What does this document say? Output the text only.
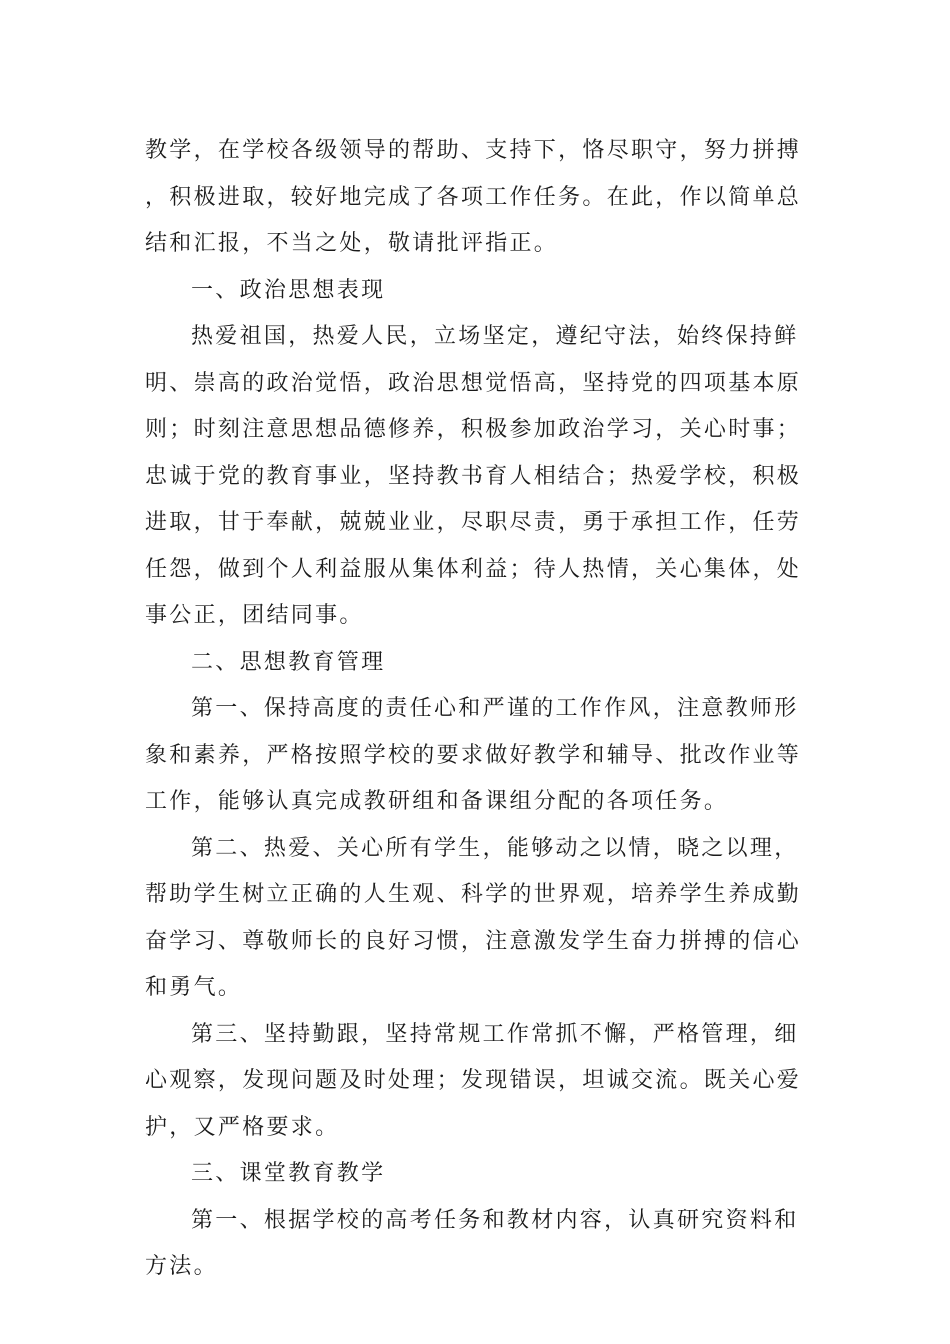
教学，在学校各级领导的帮助、支持下，恪尽职守，努力拼搏，积极进取，较好地完成了各项工作任务。在此，作以简单总结和汇报，不当之处，敬请批评指正。

一、政治思想表现

热爱祖国，热爱人民，立场坚定，遵纪守法，始终保持鲜明、崇高的政治觉悟，政治思想觉悟高，坚持党的四项基本原则；时刻注意思想品德修养，积极参加政治学习，关心时事；忠诚于党的教育事业，坚持教书育人相结合；热爱学校，积极进取，甘于奉献，兢兢业业，尽职尽责，勇于承担工作，任劳任怨，做到个人利益服从集体利益；待人热情，关心集体，处事公正，团结同事。

二、思想教育管理

第一、保持高度的责任心和严谨的工作作风，注意教师形象和素养，严格按照学校的要求做好教学和辅导、批改作业等工作，能够认真完成教研组和备课组分配的各项任务。

第二、热爱、关心所有学生，能够动之以情，晓之以理，帮助学生树立正确的人生观、科学的世界观，培养学生养成勤奋学习、尊敬师长的良好习惯，注意激发学生奋力拼搏的信心和勇气。

第三、坚持勤跟，坚持常规工作常抓不懈，严格管理，细心观察，发现问题及时处理；发现错误，坦诚交流。既关心爱护，又严格要求。

三、课堂教育教学

第一、根据学校的高考任务和教材内容，认真研究资料和方法。
